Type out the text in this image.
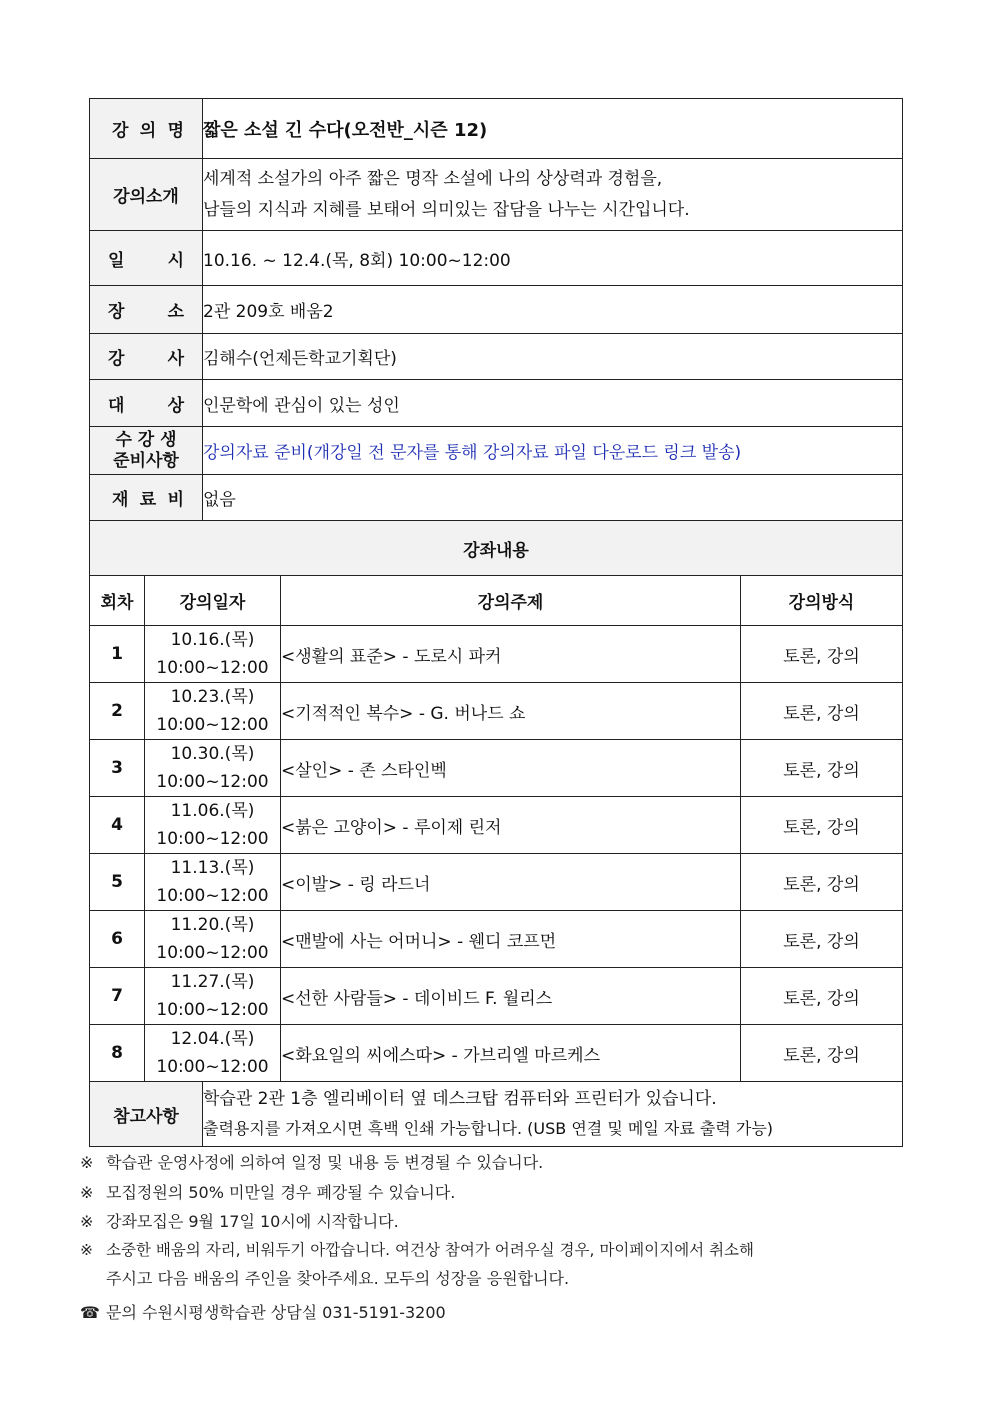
강 의 명		짧은 소설 긴 수다(오전반_시즌 12)		
강의소개		세계적 소설가의 아주 짧은 명작 소설에 나의 상상력과 경험을,
남들의 지식과 지혜를 보태어 의미있는 잡담을 나누는 시간입니다.		

일 시		10.16. ~ 12.4.(목, 8회) 10:00~12:00		

장 소		2관 209호 배움2		

강 사		김해수(언제든학교기획단)		

대 상		인문학에 관심이 있는 성인		

수 강 생
준비사항		강의자료 준비(개강일 전 문자를 통해 강의자료 파일 다운로드 링크 발송)		

재 료 비		없음		
강좌내용				
회차	강의일자		강의주제	강의방식
1	10.16.(목)
10:00~12:00		<생활의 표준> - 도로시 파커	토론, 강의
2	10.23.(목)
10:00~12:00		<기적적인 복수> - G. 버나드 쇼	토론, 강의
3	10.30.(목)
10:00~12:00		<살인> - 존 스타인벡	토론, 강의
4	11.06.(목)
10:00~12:00		<붉은 고양이> - 루이제 린저	토론, 강의
5	11.13.(목)
10:00~12:00		<이발> - 링 라드너	토론, 강의
6	11.20.(목)
10:00~12:00		<맨발에 사는 어머니> - 웬디 코프먼	토론, 강의
7	11.27.(목)
10:00~12:00		<선한 사람들> - 데이비드 F. 월리스	토론, 강의
8	12.04.(목)
10:00~12:00		<화요일의 씨에스따> - 가브리엘 마르케스	토론, 강의
참고사항		학습관 2관 1층 엘리베이터 옆 데스크탑 컴퓨터와 프린터가 있습니다.
출력용지를 가져오시면 흑백 인쇄 가능합니다. (USB 연결 및 메일 자료 출력 가능)		
※ 학습관 운영사정에 의하여 일정 및 내용 등 변경될 수 있습니다.
※ 모집정원의 50% 미만일 경우 폐강될 수 있습니다.
※ 강좌모집은 9월 17일 10시에 시작합니다.
※ 소중한 배움의 자리, 비워두기 아깝습니다. 여건상 참여가 어려우실 경우, 마이페이지에서 취소해
주시고 다음 배움의 주인을 찾아주세요. 모두의 성장을 응원합니다.
☎ 문의 수원시평생학습관 상담실 031-5191-3200
